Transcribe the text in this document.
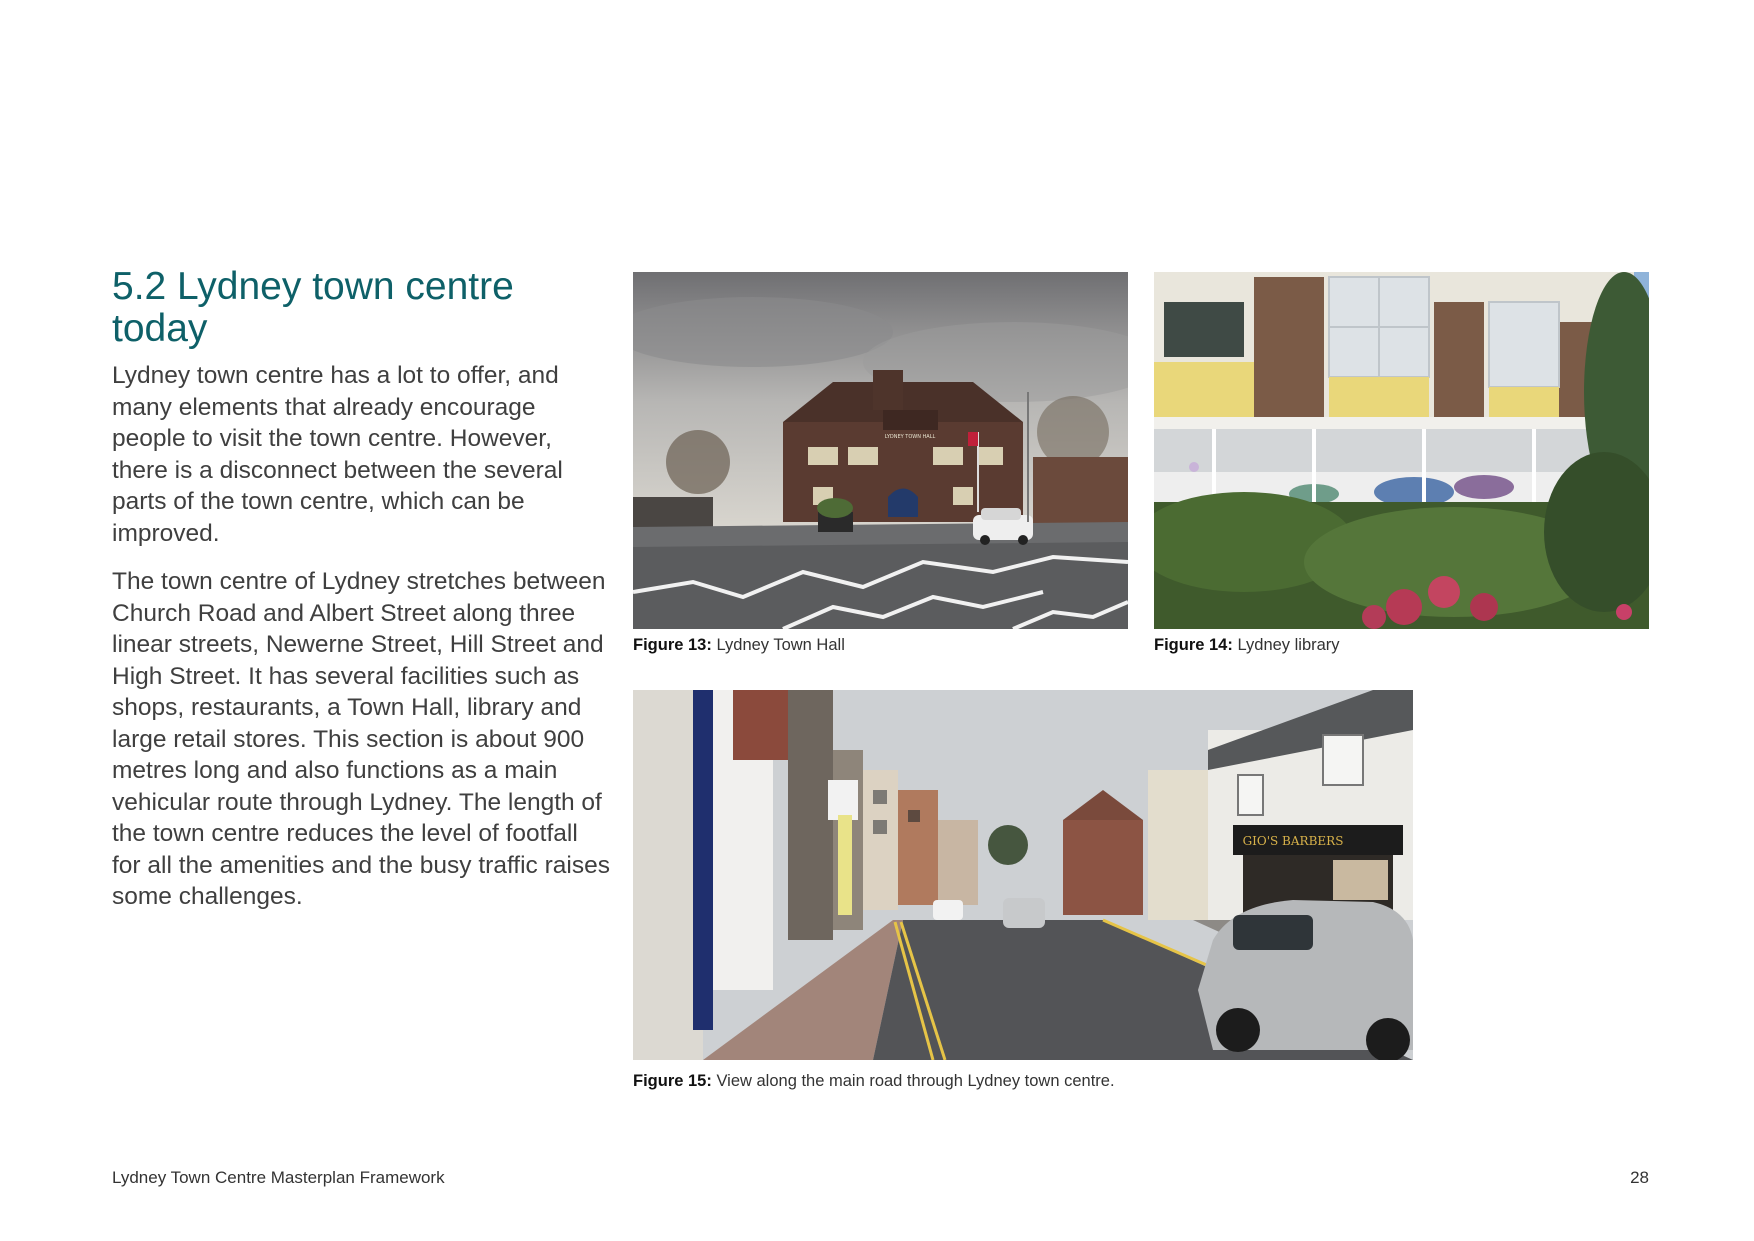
5.2 Lydney town centre today

Lydney town centre has a lot to offer, and many elements that already encourage people to visit the town centre. However, there is a disconnect between the several parts of the town centre, which can be improved.

The town centre of Lydney stretches between Church Road and Albert Street along three linear streets, Newerne Street, Hill Street and High Street. It has several facilities such as shops, restaurants, a Town Hall, library and large retail stores. This section is about 900 metres long and also functions as a main vehicular route through Lydney. The length of the town centre reduces the level of footfall for all the amenities and the busy traffic raises some challenges.

LYDNEY TOWN HALL
Figure 13: Lydney Town Hall	Figure 14: Lydney library
GIO'S BARBERS
Figure 15: View along the main road through Lydney town centre.
Lydney Town Centre Masterplan Framework	28
